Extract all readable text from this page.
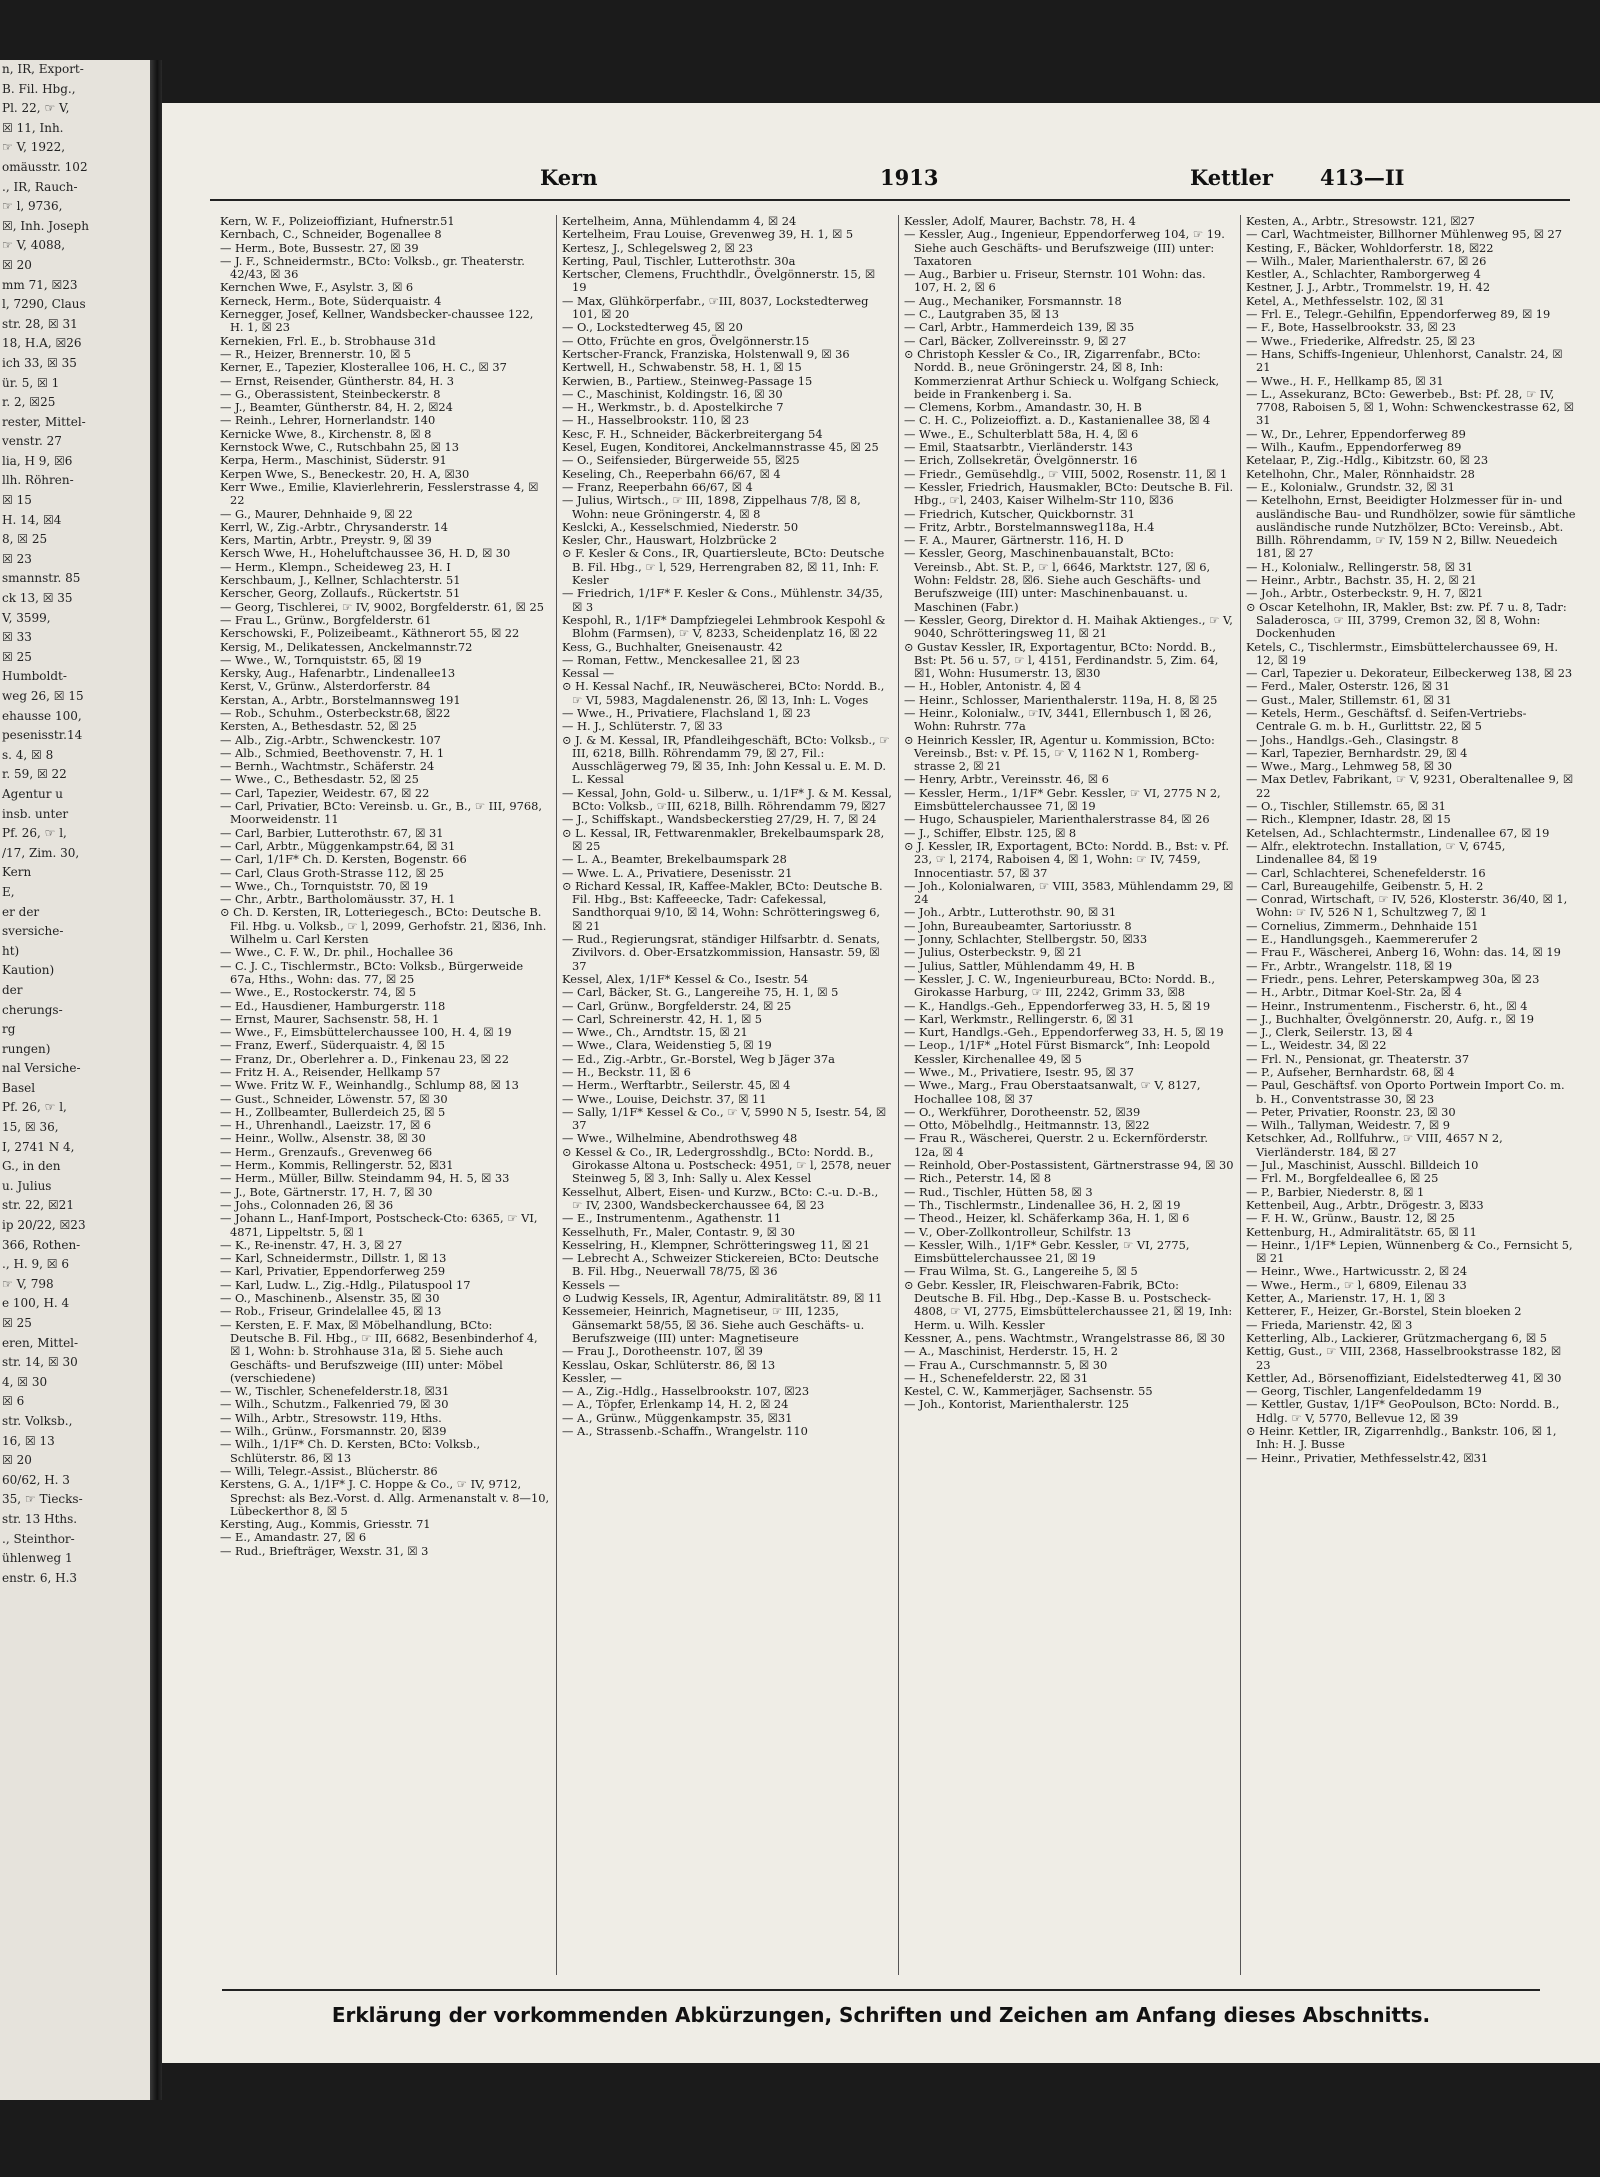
n, IR, Export-
B. Fil. Hbg.,
Pl. 22, ☞ V,
☒ 11, Inh.
☞ V, 1922,
omäusstr. 102
., IR, Rauch-
☞ l, 9736,
☒, Inh. Joseph
☞ V, 4088,
☒ 20
mm 71, ☒23
l, 7290, Claus
str. 28, ☒ 31
18, H.A, ☒26
ich 33, ☒ 35
ür. 5, ☒ 1
r. 2, ☒25
rester, Mittel-
venstr. 27
lia, H 9, ☒6
llh. Röhren-
☒ 15
H. 14, ☒4
8, ☒ 25
☒ 23
smannstr. 85
ck 13, ☒ 35
V, 3599,
☒ 33
☒ 25
Humboldt-
weg 26, ☒ 15
ehausse 100,
pesenisstr.14
s. 4, ☒ 8
r. 59, ☒ 22
Agentur u
insb. unter
Pf. 26, ☞ l,
/17, Zim. 30,
Kern
E,
er der
sversiche-
ht)
Kaution)
der
cherungs-
rg
rungen)
nal Versiche-
Basel
Pf. 26, ☞ l,
15, ☒ 36,
I, 2741 N 4,
G., in den
u. Julius
str. 22, ☒21
ip 20/22, ☒23
366, Rothen-
., H. 9, ☒ 6
☞ V, 798
e 100, H. 4
☒ 25
eren, Mittel-
str. 14, ☒ 30
4, ☒ 30
☒ 6
str. Volksb.,
16, ☒ 13
☒ 20
60/62, H. 3
35, ☞ Tiecks-
str. 13 Hths.
., Steinthor-
ühlenweg 1
enstr. 6, H.3
Kern	1913	Kettler 413—II

Kern, W. F., Polizeioffiziant, Hufnerstr.51

Kernbach, C., Schneider, Bogenallee 8

— Herm., Bote, Bussestr. 27, ☒ 39

— J. F., Schneidermstr., BCto: Volksb., gr. Theaterstr. 42/43, ☒ 36

Kernchen Wwe, F., Asylstr. 3, ☒ 6

Kerneck, Herm., Bote, Süderquaistr. 4

Kernegger, Josef, Kellner, Wandsbecker-chaussee 122, H. 1, ☒ 23

Kernekien, Frl. E., b. Strobhause 31d

— R., Heizer, Brennerstr. 10, ☒ 5

Kerner, E., Tapezier, Klosterallee 106, H. C., ☒ 37

— Ernst, Reisender, Güntherstr. 84, H. 3

— G., Oberassistent, Steinbeckerstr. 8

— J., Beamter, Güntherstr. 84, H. 2, ☒24

— Reinh., Lehrer, Hornerlandstr. 140

Kernicke Wwe, 8., Kirchenstr. 8, ☒ 8

Kernstock Wwe, C., Rutschbahn 25, ☒ 13

Kerpa, Herm., Maschinist, Süderstr. 91

Kerpen Wwe, S., Beneckestr. 20, H. A, ☒30

Kerr Wwe., Emilie, Klavierlehrerin, Fesslerstrasse 4, ☒ 22

— G., Maurer, Dehnhaide 9, ☒ 22

Kerrl, W., Zig.-Arbtr., Chrysanderstr. 14

Kers, Martin, Arbtr., Preystr. 9, ☒ 39

Kersch Wwe, H., Hoheluftchaussee 36, H. D, ☒ 30

— Herm., Klempn., Scheideweg 23, H. I

Kerschbaum, J., Kellner, Schlachterstr. 51

Kerscher, Georg, Zollaufs., Rückertstr. 51

— Georg, Tischlerei, ☞ IV, 9002, Borgfelderstr. 61, ☒ 25

— Frau L., Grünw., Borgfelderstr. 61

Kerschowski, F., Polizeibeamt., Käthnerort 55, ☒ 22

Kersig, M., Delikatessen, Anckelmannstr.72

— Wwe., W., Tornquiststr. 65, ☒ 19

Kersky, Aug., Hafenarbtr., Lindenallee13

Kerst, V., Grünw., Alsterdorferstr. 84

Kerstan, A., Arbtr., Borstelmannsweg 191

— Rob., Schuhm., Osterbeckstr.68, ☒22

Kersten, A., Bethesdastr. 52, ☒ 25

— Alb., Zig.-Arbtr., Schwenckestr. 107

— Alb., Schmied, Beethovenstr. 7, H. 1

— Bernh., Wachtmstr., Schäferstr. 24

— Wwe., C., Bethesdastr. 52, ☒ 25

— Carl, Tapezier, Weidestr. 67, ☒ 22

— Carl, Privatier, BCto: Vereinsb. u. Gr., B., ☞ III, 9768, Moorweidenstr. 11

— Carl, Barbier, Lutterothstr. 67, ☒ 31

— Carl, Arbtr., Müggenkampstr.64, ☒ 31

— Carl, 1/1F* Ch. D. Kersten, Bogenstr. 66

— Carl, Claus Groth-Strasse 112, ☒ 25

— Wwe., Ch., Tornquiststr. 70, ☒ 19

— Chr., Arbtr., Bartholomäusstr. 37, H. 1

⊙ Ch. D. Kersten, IR, Lotteriegesch., BCto: Deutsche B. Fil. Hbg. u. Volksb., ☞ l, 2099, Gerhofstr. 21, ☒36, Inh. Wilhelm u. Carl Kersten

— Wwe., C. F. W., Dr. phil., Hochallee 36

— C. J. C., Tischlermstr., BCto: Volksb., Bürgerweide 67a, Hths., Wohn: das. 77, ☒ 25

— Wwe., E., Rostockerstr. 74, ☒ 5

— Ed., Hausdiener, Hamburgerstr. 118

— Ernst, Maurer, Sachsenstr. 58, H. 1

— Wwe., F., Eimsbüttelerchaussee 100, H. 4, ☒ 19

— Franz, Ewerf., Süderquaistr. 4, ☒ 15

— Franz, Dr., Oberlehrer a. D., Finkenau 23, ☒ 22

— Fritz H. A., Reisender, Hellkamp 57

— Wwe. Fritz W. F., Weinhandlg., Schlump 88, ☒ 13

— Gust., Schneider, Löwenstr. 57, ☒ 30

— H., Zollbeamter, Bullerdeich 25, ☒ 5

— H., Uhrenhandl., Laeizstr. 17, ☒ 6

— Heinr., Wollw., Alsenstr. 38, ☒ 30

— Herm., Grenzaufs., Grevenweg 66

— Herm., Kommis, Rellingerstr. 52, ☒31

— Herm., Müller, Billw. Steindamm 94, H. 5, ☒ 33

— J., Bote, Gärtnerstr. 17, H. 7, ☒ 30

— Johs., Colonnaden 26, ☒ 36

— Johann L., Hanf-Import, Postscheck-Cto: 6365, ☞ VI, 4871, Lippeltstr. 5, ☒ 1

— K., Re-inenstr. 47, H. 3, ☒ 27

— Karl, Schneidermstr., Dillstr. 1, ☒ 13

— Karl, Privatier, Eppendorferweg 259

— Karl, Ludw. L., Zig.-Hdlg., Pilatuspool 17

— O., Maschinenb., Alsenstr. 35, ☒ 30

— Rob., Friseur, Grindelallee 45, ☒ 13

— Kersten, E. F. Max, ☒ Möbelhandlung, BCto: Deutsche B. Fil. Hbg., ☞ III, 6682, Besenbinderhof 4, ☒ 1, Wohn: b. Strohhause 31a, ☒ 5. Siehe auch Geschäfts- und Berufszweige (III) unter: Möbel (verschiedene)

— W., Tischler, Schenefelderstr.18, ☒31

— Wilh., Schutzm., Falkenried 79, ☒ 30

— Wilh., Arbtr., Stresowstr. 119, Hths.

— Wilh., Grünw., Forsmannstr. 20, ☒39

— Wilh., 1/1F* Ch. D. Kersten, BCto: Volksb., Schlüterstr. 86, ☒ 13

— Willi, Telegr.-Assist., Blücherstr. 86

Kerstens, G. A., 1/1F* J. C. Hoppe & Co., ☞ IV, 9712, Sprechst: als Bez.-Vorst. d. Allg. Armenanstalt v. 8—10, Lübeckerthor 8, ☒ 5

Kersting, Aug., Kommis, Griesstr. 71

— E., Amandastr. 27, ☒ 6

— Rud., Briefträger, Wexstr. 31, ☒ 3

Kertelheim, Anna, Mühlendamm 4, ☒ 24

Kertelheim, Frau Louise, Grevenweg 39, H. 1, ☒ 5

Kertesz, J., Schlegelsweg 2, ☒ 23

Kerting, Paul, Tischler, Lutterothstr. 30a

Kertscher, Clemens, Fruchthdlr., Övelgönnerstr. 15, ☒ 19

— Max, Glühkörperfabr., ☞III, 8037, Lockstedterweg 101, ☒ 20

— O., Lockstedterweg 45, ☒ 20

— Otto, Früchte en gros, Övelgönnerstr.15

Kertscher-Franck, Franziska, Holstenwall 9, ☒ 36

Kertwell, H., Schwabenstr. 58, H. 1, ☒ 15

Kerwien, B., Partiew., Steinweg-Passage 15

— C., Maschinist, Koldingstr. 16, ☒ 30

— H., Werkmstr., b. d. Apostelkirche 7

— H., Hasselbrookstr. 110, ☒ 23

Kesc, F. H., Schneider, Bäckerbreitergang 54

Kesel, Eugen, Konditorei, Anckelmannstrasse 45, ☒ 25

— O., Seifensieder, Bürgerweide 55, ☒25

Keseling, Ch., Reeperbahn 66/67, ☒ 4

— Franz, Reeperbahn 66/67, ☒ 4

— Julius, Wirtsch., ☞ III, 1898, Zippelhaus 7/8, ☒ 8, Wohn: neue Gröningerstr. 4, ☒ 8

Keslcki, A., Kesselschmied, Niederstr. 50

Kesler, Chr., Hauswart, Holzbrücke 2

⊙ F. Kesler & Cons., IR, Quartiersleute, BCto: Deutsche B. Fil. Hbg., ☞ l, 529, Herrengraben 82, ☒ 11, Inh: F. Kesler

— Friedrich, 1/1F* F. Kesler & Cons., Mühlenstr. 34/35, ☒ 3

Kespohl, R., 1/1F* Dampfziegelei Lehmbrook Kespohl & Blohm (Farmsen), ☞ V, 8233, Scheidenplatz 16, ☒ 22

Kess, G., Buchhalter, Gneisenaustr. 42

— Roman, Fettw., Menckesallee 21, ☒ 23

Kessal —

⊙ H. Kessal Nachf., IR, Neuwäscherei, BCto: Nordd. B., ☞ VI, 5983, Magdalenenstr. 26, ☒ 13, Inh: L. Voges

— Wwe., H., Privatiere, Flachsland 1, ☒ 23

— H. J., Schlüterstr. 7, ☒ 33

⊙ J. & M. Kessal, IR, Pfandleihgeschäft, BCto: Volksb., ☞ III, 6218, Billh. Röhrendamm 79, ☒ 27, Fil.: Ausschlägerweg 79, ☒ 35, Inh: John Kessal u. E. M. D. L. Kessal

— Kessal, John, Gold- u. Silberw., u. 1/1F* J. & M. Kessal, BCto: Volksb., ☞III, 6218, Billh. Röhrendamm 79, ☒27

— J., Schiffskapt., Wandsbeckerstieg 27/29, H. 7, ☒ 24

⊙ L. Kessal, IR, Fettwarenmakler, Brekelbaumspark 28, ☒ 25

— L. A., Beamter, Brekelbaumspark 28

— Wwe. L. A., Privatiere, Desenisstr. 21

⊙ Richard Kessal, IR, Kaffee-Makler, BCto: Deutsche B. Fil. Hbg., Bst: Kaffeeecke, Tadr: Cafekessal, Sandthorquai 9/10, ☒ 14, Wohn: Schrötteringsweg 6, ☒ 21

— Rud., Regierungsrat, ständiger Hilfsarbtr. d. Senats, Zivilvors. d. Ober-Ersatzkommission, Hansastr. 59, ☒ 37

Kessel, Alex, 1/1F* Kessel & Co., Isestr. 54

— Carl, Bäcker, St. G., Langereihe 75, H. 1, ☒ 5

— Carl, Grünw., Borgfelderstr. 24, ☒ 25

— Carl, Schreinerstr. 42, H. 1, ☒ 5

— Wwe., Ch., Arndtstr. 15, ☒ 21

— Wwe., Clara, Weidenstieg 5, ☒ 19

— Ed., Zig.-Arbtr., Gr.-Borstel, Weg b Jäger 37a

— H., Beckstr. 11, ☒ 6

— Herm., Werftarbtr., Seilerstr. 45, ☒ 4

— Wwe., Louise, Deichstr. 37, ☒ 11

— Sally, 1/1F* Kessel & Co., ☞ V, 5990 N 5, Isestr. 54, ☒ 37

— Wwe., Wilhelmine, Abendrothsweg 48

⊙ Kessel & Co., IR, Ledergrosshdlg., BCto: Nordd. B., Girokasse Altona u. Postscheck: 4951, ☞ l, 2578, neuer Steinweg 5, ☒ 3, Inh: Sally u. Alex Kessel

Kesselhut, Albert, Eisen- und Kurzw., BCto: C.-u. D.-B., ☞ IV, 2300, Wandsbeckerchaussee 64, ☒ 23

— E., Instrumentenm., Agathenstr. 11

Kesselhuth, Fr., Maler, Contastr. 9, ☒ 30

Kesselring, H., Klempner, Schrötteringsweg 11, ☒ 21

— Lebrecht A., Schweizer Stickereien, BCto: Deutsche B. Fil. Hbg., Neuerwall 78/75, ☒ 36

Kessels —

⊙ Ludwig Kessels, IR, Agentur, Admiralitätstr. 89, ☒ 11

Kessemeier, Heinrich, Magnetiseur, ☞ III, 1235, Gänsemarkt 58/55, ☒ 36. Siehe auch Geschäfts- u. Berufszweige (III) unter: Magnetiseure

— Frau J., Dorotheenstr. 107, ☒ 39

Kesslau, Oskar, Schlüterstr. 86, ☒ 13

Kessler, —

— A., Zig.-Hdlg., Hasselbrookstr. 107, ☒23

— A., Töpfer, Erlenkamp 14, H. 2, ☒ 24

— A., Grünw., Müggenkampstr. 35, ☒31

— A., Strassenb.-Schaffn., Wrangelstr. 110

Kessler, Adolf, Maurer, Bachstr. 78, H. 4

— Kessler, Aug., Ingenieur, Eppendorferweg 104, ☞ 19. Siehe auch Geschäfts- und Berufszweige (III) unter: Taxatoren

— Aug., Barbier u. Friseur, Sternstr. 101 Wohn: das. 107, H. 2, ☒ 6

— Aug., Mechaniker, Forsmannstr. 18

— C., Lautgraben 35, ☒ 13

— Carl, Arbtr., Hammerdeich 139, ☒ 35

— Carl, Bäcker, Zollvereinsstr. 9, ☒ 27

⊙ Christoph Kessler & Co., IR, Zigarrenfabr., BCto: Nordd. B., neue Gröningerstr. 24, ☒ 8, Inh: Kommerzienrat Arthur Schieck u. Wolfgang Schieck, beide in Frankenberg i. Sa.

— Clemens, Korbm., Amandastr. 30, H. B

— C. H. C., Polizeioffizt. a. D., Kastanienallee 38, ☒ 4

— Wwe., E., Schulterblatt 58a, H. 4, ☒ 6

— Emil, Staatsarbtr., Vierländerstr. 143

— Erich, Zollsekretär, Övelgönnerstr. 16

— Friedr., Gemüsehdlg., ☞ VIII, 5002, Rosenstr. 11, ☒ 1

— Kessler, Friedrich, Hausmakler, BCto: Deutsche B. Fil. Hbg., ☞l, 2403, Kaiser Wilhelm-Str 110, ☒36

— Friedrich, Kutscher, Quickbornstr. 31

— Fritz, Arbtr., Borstelmannsweg118a, H.4

— F. A., Maurer, Gärtnerstr. 116, H. D

— Kessler, Georg, Maschinenbauanstalt, BCto: Vereinsb., Abt. St. P., ☞ l, 6646, Marktstr. 127, ☒ 6, Wohn: Feldstr. 28, ☒6. Siehe auch Geschäfts- und Berufszweige (III) unter: Maschinenbauanst. u. Maschinen (Fabr.)

— Kessler, Georg, Direktor d. H. Maihak Aktienges., ☞ V, 9040, Schrötteringsweg 11, ☒ 21

⊙ Gustav Kessler, IR, Exportagentur, BCto: Nordd. B., Bst: Pt. 56 u. 57, ☞ l, 4151, Ferdinandstr. 5, Zim. 64, ☒1, Wohn: Husumerstr. 13, ☒30

— H., Hobler, Antonistr. 4, ☒ 4

— Heinr., Schlosser, Marienthalerstr. 119a, H. 8, ☒ 25

— Heinr., Kolonialw., ☞IV, 3441, Ellernbusch 1, ☒ 26, Wohn: Ruhrstr. 77a

⊙ Heinrich Kessler, IR, Agentur u. Kommission, BCto: Vereinsb., Bst: v. Pf. 15, ☞ V, 1162 N 1, Romberg-strasse 2, ☒ 21

— Henry, Arbtr., Vereinsstr. 46, ☒ 6

— Kessler, Herm., 1/1F* Gebr. Kessler, ☞ VI, 2775 N 2, Eimsbüttelerchaussee 71, ☒ 19

— Hugo, Schauspieler, Marienthalerstrasse 84, ☒ 26

— J., Schiffer, Elbstr. 125, ☒ 8

⊙ J. Kessler, IR, Exportagent, BCto: Nordd. B., Bst: v. Pf. 23, ☞ l, 2174, Raboisen 4, ☒ 1, Wohn: ☞ IV, 7459, Innocentiastr. 57, ☒ 37

— Joh., Kolonialwaren, ☞ VIII, 3583, Mühlendamm 29, ☒ 24

— Joh., Arbtr., Lutterothstr. 90, ☒ 31

— John, Bureaubeamter, Sartoriusstr. 8

— Jonny, Schlachter, Stellbergstr. 50, ☒33

— Julius, Osterbeckstr. 9, ☒ 21

— Julius, Sattler, Mühlendamm 49, H. B

— Kessler, J. C. W., Ingenieurbureau, BCto: Nordd. B., Girokasse Harburg, ☞ III, 2242, Grimm 33, ☒8

— K., Handlgs.-Geh., Eppendorferweg 33, H. 5, ☒ 19

— Karl, Werkmstr., Rellingerstr. 6, ☒ 31

— Kurt, Handlgs.-Geh., Eppendorferweg 33, H. 5, ☒ 19

— Leop., 1/1F* „Hotel Fürst Bismarck“, Inh: Leopold Kessler, Kirchenallee 49, ☒ 5

— Wwe., M., Privatiere, Isestr. 95, ☒ 37

— Wwe., Marg., Frau Oberstaatsanwalt, ☞ V, 8127, Hochallee 108, ☒ 37

— O., Werkführer, Dorotheenstr. 52, ☒39

— Otto, Möbelhdlg., Heitmannstr. 13, ☒22

— Frau R., Wäscherei, Querstr. 2 u. Eckernförderstr. 12a, ☒ 4

— Reinhold, Ober-Postassistent, Gärtnerstrasse 94, ☒ 30

— Rich., Peterstr. 14, ☒ 8

— Rud., Tischler, Hütten 58, ☒ 3

— Th., Tischlermstr., Lindenallee 36, H. 2, ☒ 19

— Theod., Heizer, kl. Schäferkamp 36a, H. 1, ☒ 6

— V., Ober-Zollkontrolleur, Schilfstr. 13

— Kessler, Wilh., 1/1F* Gebr. Kessler, ☞ VI, 2775, Eimsbüttelerchaussee 21, ☒ 19

— Frau Wilma, St. G., Langereihe 5, ☒ 5

⊙ Gebr. Kessler, IR, Fleischwaren-Fabrik, BCto: Deutsche B. Fil. Hbg., Dep.-Kasse B. u. Postscheck-4808, ☞ VI, 2775, Eimsbüttelerchaussee 21, ☒ 19, Inh: Herm. u. Wilh. Kessler

Kessner, A., pens. Wachtmstr., Wrangelstrasse 86, ☒ 30

— A., Maschinist, Herderstr. 15, H. 2

— Frau A., Curschmannstr. 5, ☒ 30

— H., Schenefelderstr. 22, ☒ 31

Kestel, C. W., Kammerjäger, Sachsenstr. 55

— Joh., Kontorist, Marienthalerstr. 125

Kesten, A., Arbtr., Stresowstr. 121, ☒27

— Carl, Wachtmeister, Billhorner Mühlenweg 95, ☒ 27

Kesting, F., Bäcker, Wohldorferstr. 18, ☒22

— Wilh., Maler, Marienthalerstr. 67, ☒ 26

Kestler, A., Schlachter, Ramborgerweg 4

Kestner, J. J., Arbtr., Trommelstr. 19, H. 42

Ketel, A., Methfesselstr. 102, ☒ 31

— Frl. E., Telegr.-Gehilfin, Eppendorferweg 89, ☒ 19

— F., Bote, Hasselbrookstr. 33, ☒ 23

— Wwe., Friederike, Alfredstr. 25, ☒ 23

— Hans, Schiffs-Ingenieur, Uhlenhorst, Canalstr. 24, ☒ 21

— Wwe., H. F., Hellkamp 85, ☒ 31

— L., Assekuranz, BCto: Gewerbeb., Bst: Pf. 28, ☞ IV, 7708, Raboisen 5, ☒ 1, Wohn: Schwenckestrasse 62, ☒ 31

— W., Dr., Lehrer, Eppendorferweg 89

— Wilh., Kaufm., Eppendorferweg 89

Ketelaar, P., Zig.-Hdlg., Kibitzstr. 60, ☒ 23

Ketelhohn, Chr., Maler, Rönnhaidstr. 28

— E., Kolonialw., Grundstr. 32, ☒ 31

— Ketelhohn, Ernst, Beeidigter Holzmesser für in- und ausländische Bau- und Rundhölzer, sowie für sämtliche ausländische runde Nutzhölzer, BCto: Vereinsb., Abt. Billh. Röhrendamm, ☞ IV, 159 N 2, Billw. Neuedeich 181, ☒ 27

— H., Kolonialw., Rellingerstr. 58, ☒ 31

— Heinr., Arbtr., Bachstr. 35, H. 2, ☒ 21

— Joh., Arbtr., Osterbeckstr. 9, H. 7, ☒21

⊙ Oscar Ketelhohn, IR, Makler, Bst: zw. Pf. 7 u. 8, Tadr: Saladerosca, ☞ III, 3799, Cremon 32, ☒ 8, Wohn: Dockenhuden

Ketels, C., Tischlermstr., Eimsbüttelerchaussee 69, H. 12, ☒ 19

— Carl, Tapezier u. Dekorateur, Eilbeckerweg 138, ☒ 23

— Ferd., Maler, Osterstr. 126, ☒ 31

— Gust., Maler, Stillemstr. 61, ☒ 31

— Ketels, Herm., Geschäftsf. d. Seifen-Vertriebs-Centrale G. m. b. H., Gurlittstr. 22, ☒ 5

— Johs., Handlgs.-Geh., Clasingstr. 8

— Karl, Tapezier, Bernhardstr. 29, ☒ 4

— Wwe., Marg., Lehmweg 58, ☒ 30

— Max Detlev, Fabrikant, ☞ V, 9231, Oberaltenallee 9, ☒ 22

— O., Tischler, Stillemstr. 65, ☒ 31

— Rich., Klempner, Idastr. 28, ☒ 15

Ketelsen, Ad., Schlachtermstr., Lindenallee 67, ☒ 19

— Alfr., elektrotechn. Installation, ☞ V, 6745, Lindenallee 84, ☒ 19

— Carl, Schlachterei, Schenefelderstr. 16

— Carl, Bureaugehilfe, Geibenstr. 5, H. 2

— Conrad, Wirtschaft, ☞ IV, 526, Klosterstr. 36/40, ☒ 1, Wohn: ☞ IV, 526 N 1, Schultzweg 7, ☒ 1

— Cornelius, Zimmerm., Dehnhaide 151

— E., Handlungsgeh., Kaemmererufer 2

— Frau F., Wäscherei, Anberg 16, Wohn: das. 14, ☒ 19

— Fr., Arbtr., Wrangelstr. 118, ☒ 19

— Friedr., pens. Lehrer, Peterskampweg 30a, ☒ 23

— H., Arbtr., Ditmar Koel-Str. 2a, ☒ 4

— Heinr., Instrumentenm., Fischerstr. 6, ht., ☒ 4

— J., Buchhalter, Övelgönnerstr. 20, Aufg. r., ☒ 19

— J., Clerk, Seilerstr. 13, ☒ 4

— L., Weidestr. 34, ☒ 22

— Frl. N., Pensionat, gr. Theaterstr. 37

— P., Aufseher, Bernhardstr. 68, ☒ 4

— Paul, Geschäftsf. von Oporto Portwein Import Co. m. b. H., Conventstrasse 30, ☒ 23

— Peter, Privatier, Roonstr. 23, ☒ 30

— Wilh., Tallyman, Weidestr. 7, ☒ 9

Ketschker, Ad., Rollfuhrw., ☞ VIII, 4657 N 2, Vierländerstr. 184, ☒ 27

— Jul., Maschinist, Ausschl. Billdeich 10

— Frl. M., Borgfeldeallee 6, ☒ 25

— P., Barbier, Niederstr. 8, ☒ 1

Kettenbeil, Aug., Arbtr., Drögestr. 3, ☒33

— F. H. W., Grünw., Baustr. 12, ☒ 25

Kettenburg, H., Admiralitätstr. 65, ☒ 11

— Heinr., 1/1F* Lepien, Wünnenberg & Co., Fernsicht 5, ☒ 21

— Heinr., Wwe., Hartwicusstr. 2, ☒ 24

— Wwe., Herm., ☞ l, 6809, Eilenau 33

Ketter, A., Marienstr. 17, H. 1, ☒ 3

Ketterer, F., Heizer, Gr.-Borstel, Stein bloeken 2

— Frieda, Marienstr. 42, ☒ 3

Ketterling, Alb., Lackierer, Grützmachergang 6, ☒ 5

Kettig, Gust., ☞ VIII, 2368, Hasselbrookstrasse 182, ☒ 23

Kettler, Ad., Börsenoffiziant, Eidelstedterweg 41, ☒ 30

— Georg, Tischler, Langenfeldedamm 19

— Kettler, Gustav, 1/1F* GeoPoulson, BCto: Nordd. B., Hdlg. ☞ V, 5770, Bellevue 12, ☒ 39

⊙ Heinr. Kettler, IR, Zigarrenhdlg., Bankstr. 106, ☒ 1, Inh: H. J. Busse

— Heinr., Privatier, Methfesselstr.42, ☒31

Erklärung der vorkommenden Abkürzungen, Schriften und Zeichen am Anfang dieses Abschnitts.
